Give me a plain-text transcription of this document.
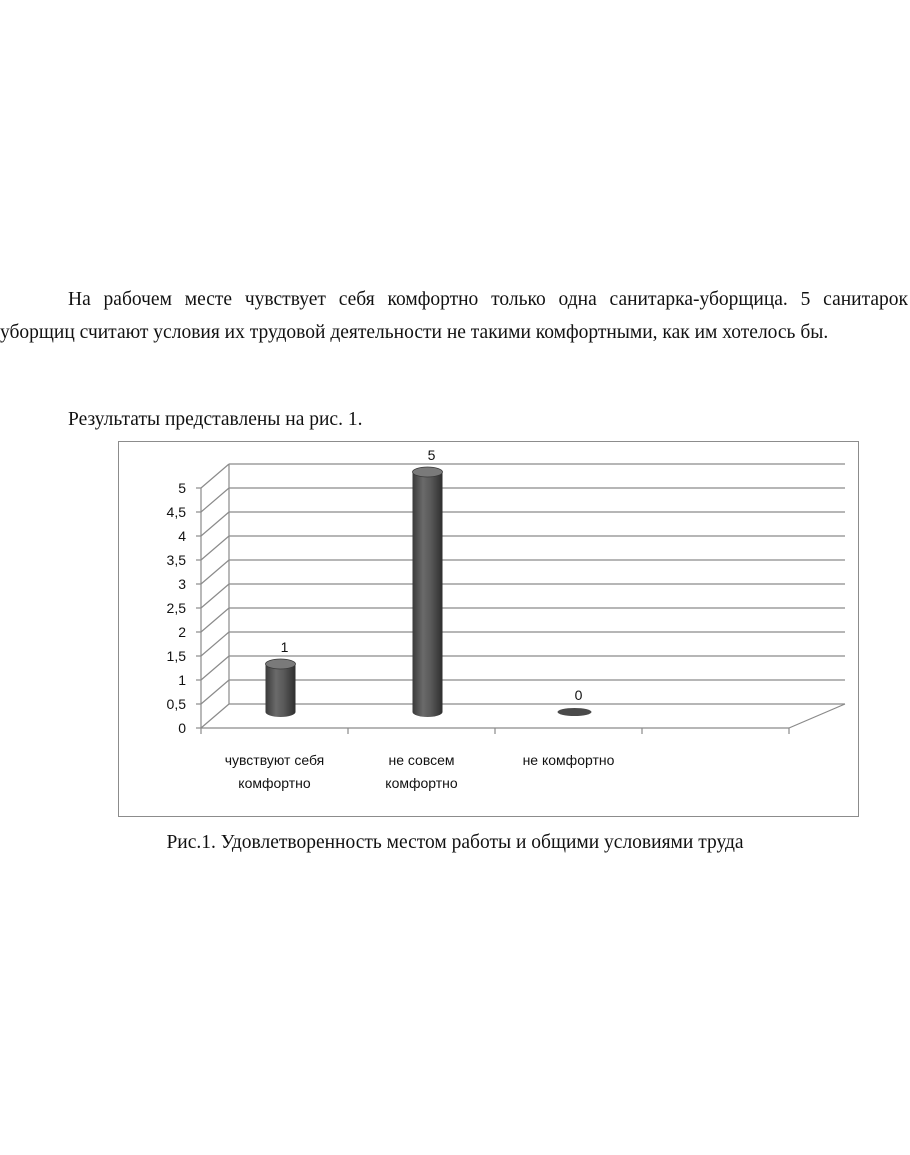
На рабочем месте чувствует себя комфортно только одна санитарка-уборщица. 5 санитарок уборщиц считают условия их трудовой деятельности не такими комфортными, как им хотелось бы.

Результаты представлены на рис. 1.

0
0,5
1
1,5
2
2,5
3
3,5
4
4,5
5
1
5
0
чувствуют себя
комфортно
не совсем
комфортно
не комфортно

Рис.1. Удовлетворенность местом работы и общими условиями труда
